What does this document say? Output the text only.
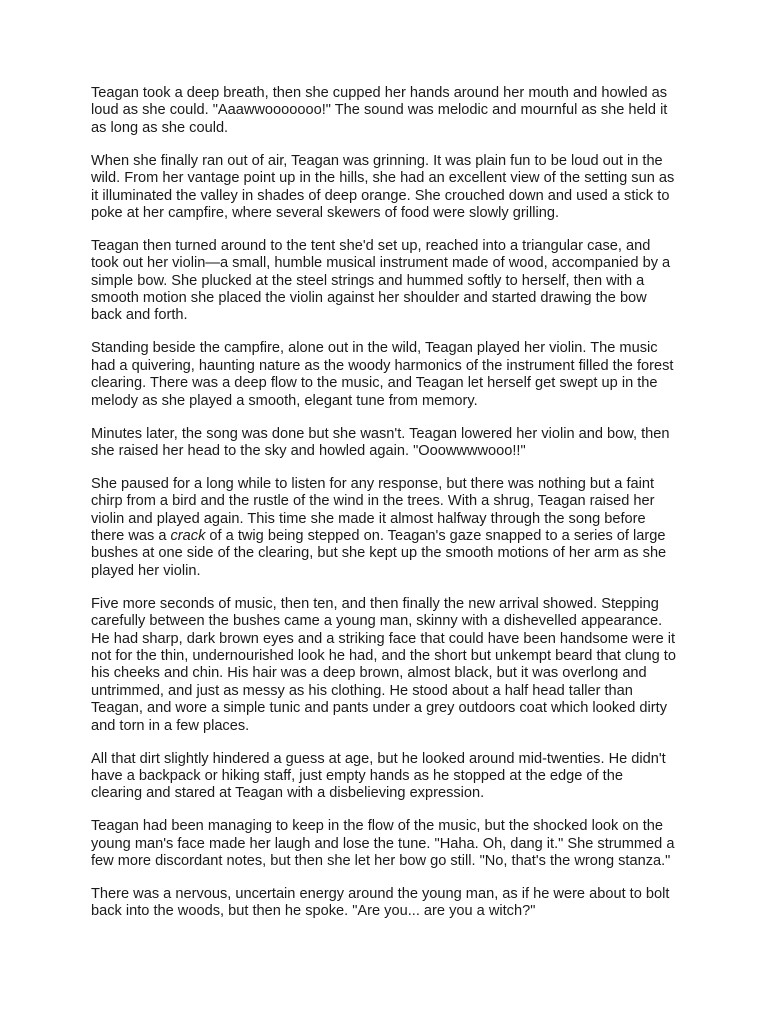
Teagan took a deep breath, then she cupped her hands around her mouth and howled as loud as she could. "Aaawwooooooo!" The sound was melodic and mournful as she held it as long as she could.

When she finally ran out of air, Teagan was grinning. It was plain fun to be loud out in the wild. From her vantage point up in the hills, she had an excellent view of the setting sun as it illuminated the valley in shades of deep orange. She crouched down and used a stick to poke at her campfire, where several skewers of food were slowly grilling.

Teagan then turned around to the tent she'd set up, reached into a triangular case, and took out her violin—a small, humble musical instrument made of wood, accompanied by a simple bow. She plucked at the steel strings and hummed softly to herself, then with a smooth motion she placed the violin against her shoulder and started drawing the bow back and forth.

Standing beside the campfire, alone out in the wild, Teagan played her violin. The music had a quivering, haunting nature as the woody harmonics of the instrument filled the forest clearing. There was a deep flow to the music, and Teagan let herself get swept up in the melody as she played a smooth, elegant tune from memory.

Minutes later, the song was done but she wasn't. Teagan lowered her violin and bow, then she raised her head to the sky and howled again. "Ooowwwwooo!!"

She paused for a long while to listen for any response, but there was nothing but a faint chirp from a bird and the rustle of the wind in the trees. With a shrug, Teagan raised her violin and played again. This time she made it almost halfway through the song before there was a crack of a twig being stepped on. Teagan's gaze snapped to a series of large bushes at one side of the clearing, but she kept up the smooth motions of her arm as she played her violin.

Five more seconds of music, then ten, and then finally the new arrival showed. Stepping carefully between the bushes came a young man, skinny with a dishevelled appearance. He had sharp, dark brown eyes and a striking face that could have been handsome were it not for the thin, undernourished look he had, and the short but unkempt beard that clung to his cheeks and chin. His hair was a deep brown, almost black, but it was overlong and untrimmed, and just as messy as his clothing. He stood about a half head taller than Teagan, and wore a simple tunic and pants under a grey outdoors coat which looked dirty and torn in a few places.

All that dirt slightly hindered a guess at age, but he looked around mid-twenties. He didn't have a backpack or hiking staff, just empty hands as he stopped at the edge of the clearing and stared at Teagan with a disbelieving expression.

Teagan had been managing to keep in the flow of the music, but the shocked look on the young man's face made her laugh and lose the tune. "Haha. Oh, dang it." She strummed a few more discordant notes, but then she let her bow go still. "No, that's the wrong stanza."

There was a nervous, uncertain energy around the young man, as if he were about to bolt back into the woods, but then he spoke. "Are you... are you a witch?"
